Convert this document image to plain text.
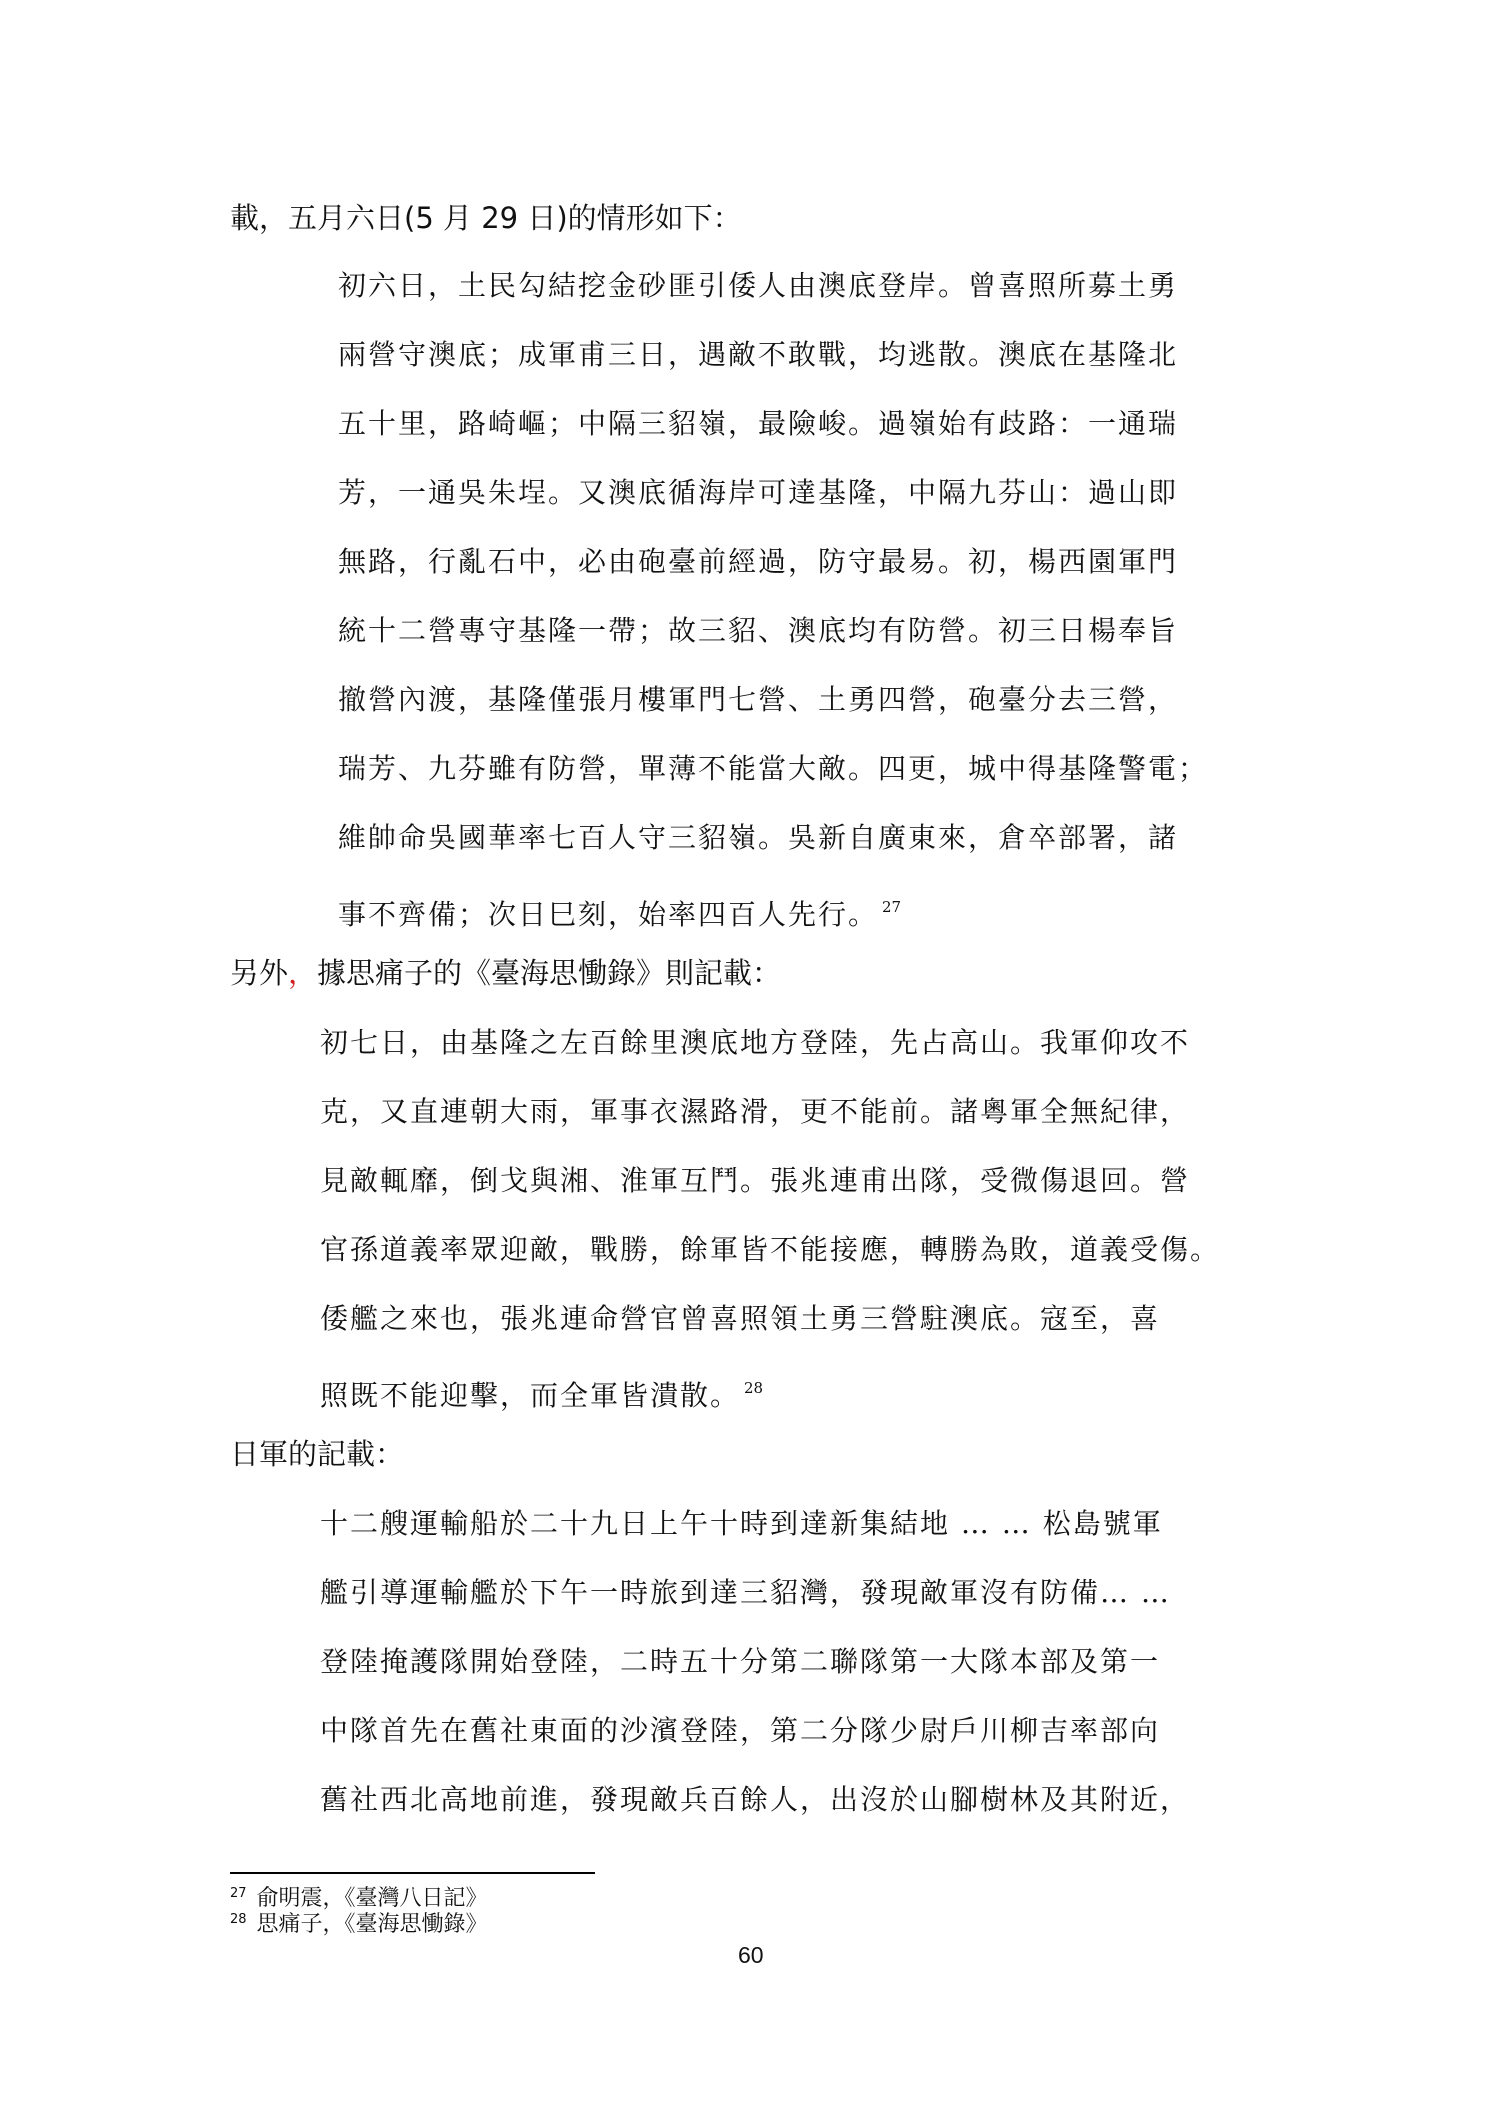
載，五月六日(5 月 29 日)的情形如下：
初六日，土民勾結挖金砂匪引倭人由澳底登岸。曾喜照所募土勇
兩營守澳底；成軍甫三日，遇敵不敢戰，均逃散。澳底在基隆北
五十里，路崎嶇；中隔三貂嶺，最險峻。過嶺始有歧路：一通瑞
芳，一通吳朱埕。又澳底循海岸可達基隆，中隔九芬山：過山即
無路，行亂石中，必由砲臺前經過，防守最易。初，楊西園軍門
統十二營專守基隆一帶；故三貂、澳底均有防營。初三日楊奉旨
撤營內渡，基隆僅張月樓軍門七營、土勇四營，砲臺分去三營，
瑞芳、九芬雖有防營，單薄不能當大敵。四更，城中得基隆警電；
維帥命吳國華率七百人守三貂嶺。吳新自廣東來，倉卒部署，諸
事不齊備；次日巳刻，始率四百人先行。 $^{27}$
另外，據思痛子的《臺海思慟錄》則記載：
初七日，由基隆之左百餘里澳底地方登陸，先占高山。我軍仰攻不
克，又直連朝大雨，軍事衣濕路滑，更不能前。諸粵軍全無紀律，
見敵輒靡，倒戈與湘、淮軍互鬥。張兆連甫出隊，受微傷退回。營
官孫道義率眾迎敵，戰勝，餘軍皆不能接應，轉勝為敗，道義受傷。
倭艦之來也，張兆連命營官曾喜照領土勇三營駐澳底。寇至，喜
照既不能迎擊，而全軍皆潰散。 $^{28}$
日軍的記載：
十二艘運輸船於二十九日上午十時到達新集結地 … … 松島號軍
艦引導運輸艦於下午一時旅到達三貂灣，發現敵軍沒有防備… …
登陸掩護隊開始登陸，二時五十分第二聯隊第一大隊本部及第一
中隊首先在舊社東面的沙濱登陸，第二分隊少尉戶川柳吉率部向
舊社西北高地前進，發現敵兵百餘人，出沒於山腳樹林及其附近，
$^{27}$ 俞明震，《臺灣八日記》
$^{28}$ 思痛子，《臺海思慟錄》
60
